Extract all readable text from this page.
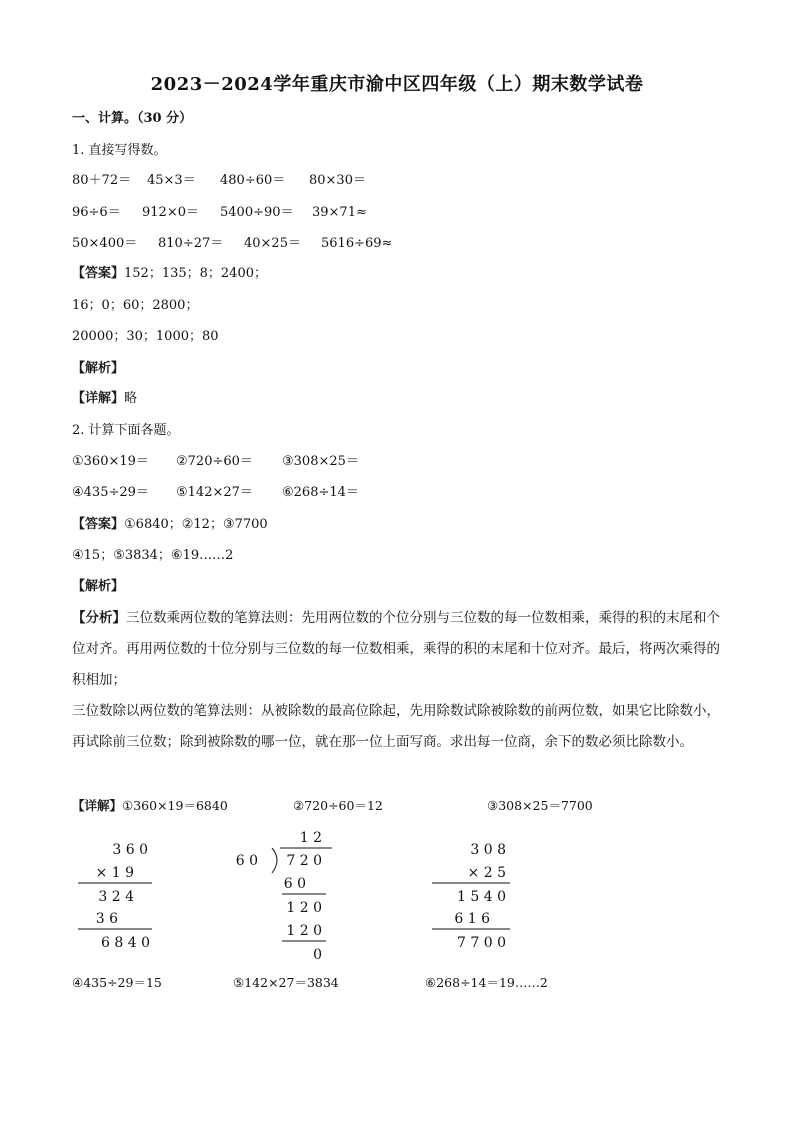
2023－2024学年重庆市渝中区四年级（上）期末数学试卷
一、计算。（30 分）
1. 直接写得数。
80＋72＝ 45×3＝ 480÷60＝ 80×30＝
96÷6＝ 912×0＝ 5400÷90＝ 39×71≈
50×400＝ 810÷27＝ 40×25＝ 5616÷69≈
【答案】152；135；8；2400；
16；0；60；2800；
20000；30；1000；80
【解析】
【详解】略
2. 计算下面各题。
①360×19＝ ②720÷60＝ ③308×25＝
④435÷29＝ ⑤142×27＝ ⑥268÷14＝
【答案】①6840；②12；③7700
④15；⑤3834；⑥19……2
【解析】
【分析】三位数乘两位数的笔算法则：先用两位数的个位分别与三位数的每一位数相乘，乘得的积的末尾和个位对齐。再用两位数的十位分别与三位数的每一位数相乘，乘得的积的末尾和十位对齐。最后，将两次乘得的积相加；
三位数除以两位数的笔算法则：从被除数的最高位除起，先用除数试除被除数的前两位数，如果它比除数小，再试除前三位数；除到被除数的哪一位，就在那一位上面写商。求出每一位商，余下的数必须比除数小。
【详解】①360×19＝6840	②720÷60＝12	③308×25＝7700
3 6 0
× 1 9
3 2 4
3 6
6 8 4 0
1 2
6 0 7 2 0
6 0
1 2 0
1 2 0
0
3 0 8
× 2 5
1 5 4 0
6 1 6
7 7 0 0
④435÷29＝15	⑤142×27＝3834	⑥268÷14＝19……2
